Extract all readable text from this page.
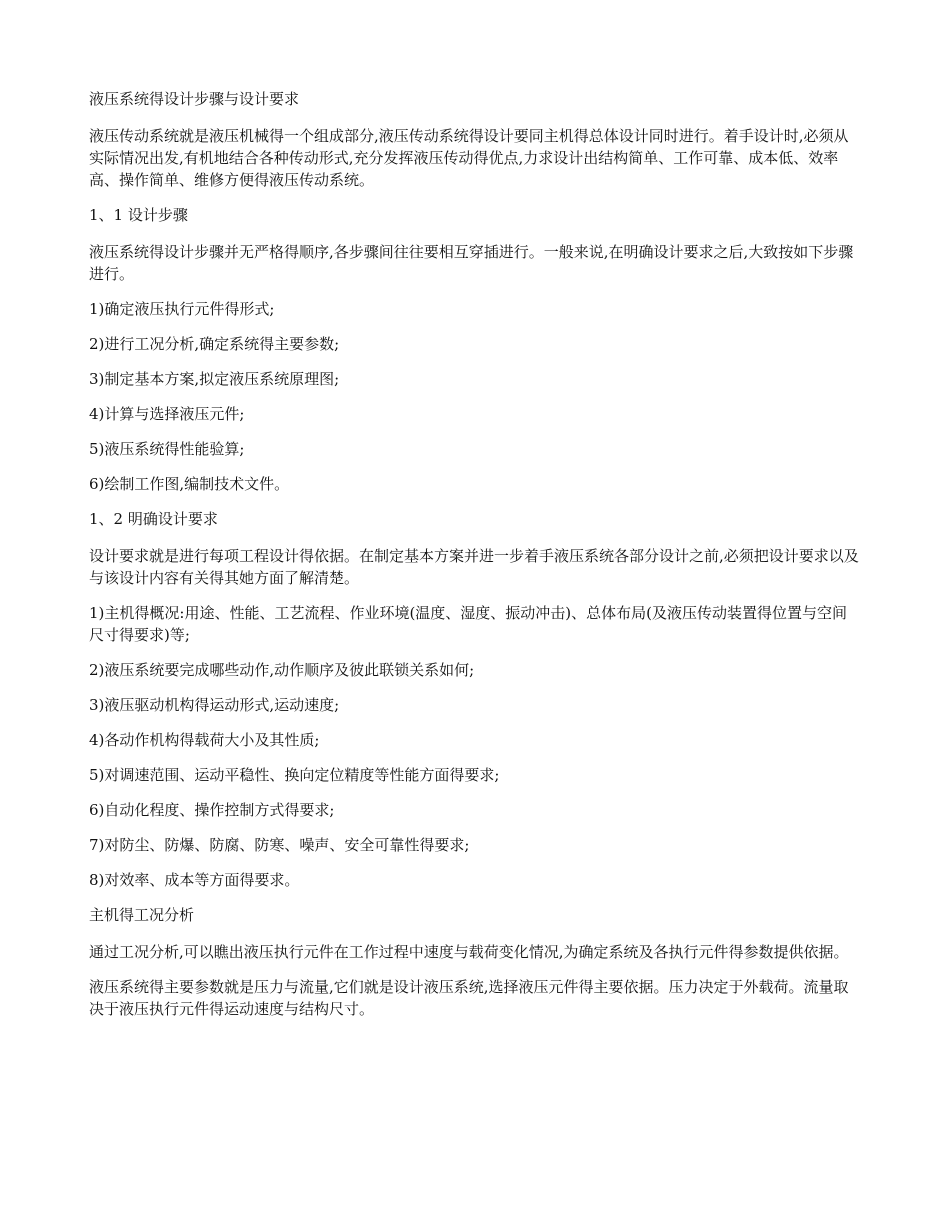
液压系统得设计步骤与设计要求

液压传动系统就是液压机械得一个组成部分,液压传动系统得设计要同主机得总体设计同时进行。着手设计时,必须从实际情况出发,有机地结合各种传动形式,充分发挥液压传动得优点,力求设计出结构简单、工作可靠、成本低、效率高、操作简单、维修方便得液压传动系统。

1、1 设计步骤

液压系统得设计步骤并无严格得顺序,各步骤间往往要相互穿插进行。一般来说,在明确设计要求之后,大致按如下步骤进行。

1)确定液压执行元件得形式;

2)进行工况分析,确定系统得主要参数;

3)制定基本方案,拟定液压系统原理图;

4)计算与选择液压元件;

5)液压系统得性能验算;

6)绘制工作图,编制技术文件。

1、2 明确设计要求

设计要求就是进行每项工程设计得依据。在制定基本方案并进一步着手液压系统各部分设计之前,必须把设计要求以及与该设计内容有关得其她方面了解清楚。

1)主机得概况:用途、性能、工艺流程、作业环境(温度、湿度、振动冲击)、总体布局(及液压传动装置得位置与空间尺寸得要求)等;

2)液压系统要完成哪些动作,动作顺序及彼此联锁关系如何;

3)液压驱动机构得运动形式,运动速度;

4)各动作机构得载荷大小及其性质;

5)对调速范围、运动平稳性、换向定位精度等性能方面得要求;

6)自动化程度、操作控制方式得要求;

7)对防尘、防爆、防腐、防寒、噪声、安全可靠性得要求;

8)对效率、成本等方面得要求。

主机得工况分析

通过工况分析,可以瞧出液压执行元件在工作过程中速度与载荷变化情况,为确定系统及各执行元件得参数提供依据。

液压系统得主要参数就是压力与流量,它们就是设计液压系统,选择液压元件得主要依据。压力决定于外载荷。流量取决于液压执行元件得运动速度与结构尺寸。
